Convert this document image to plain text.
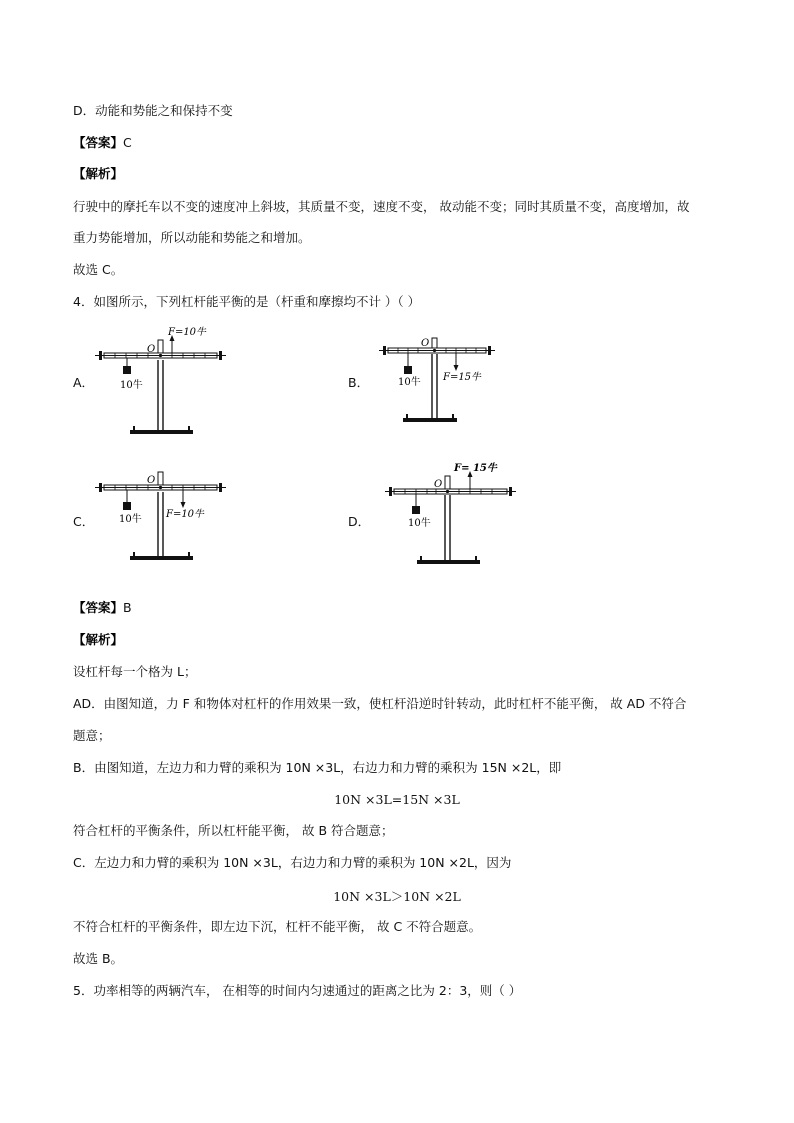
D．动能和势能之和保持不变
【答案】C
【解析】
行驶中的摩托车以不变的速度冲上斜坡，其质量不变，速度不变， 故动能不变；同时其质量不变，高度增加，故
重力势能增加，所以动能和势能之和增加。
故选 C。
4．如图所示，下列杠杆能平衡的是（杆重和摩擦均不计 ）（ ）
A．
O
10牛
F=10牛
B．
O
10牛 F=15牛
C．
O
10牛 F=10牛	D．
O
10牛
F= 15牛
【答案】B
【解析】
设杠杆每一个格为 L；
AD．由图知道，力 F 和物体对杠杆的作用效果一致，使杠杆沿逆时针转动，此时杠杆不能平衡， 故 AD 不符合
题意；
B．由图知道，左边力和力臂的乘积为 10N ×3L，右边力和力臂的乘积为 15N ×2L，即
10N ×3L=15N ×3L
符合杠杆的平衡条件，所以杠杆能平衡， 故 B 符合题意；
C．左边力和力臂的乘积为 10N ×3L，右边力和力臂的乘积为 10N ×2L，因为
10N ×3L＞10N ×2L
不符合杠杆的平衡条件，即左边下沉，杠杆不能平衡， 故 C 不符合题意。
故选 B。
5．功率相等的两辆汽车， 在相等的时间内匀速通过的距离之比为 2：3，则（ ）
